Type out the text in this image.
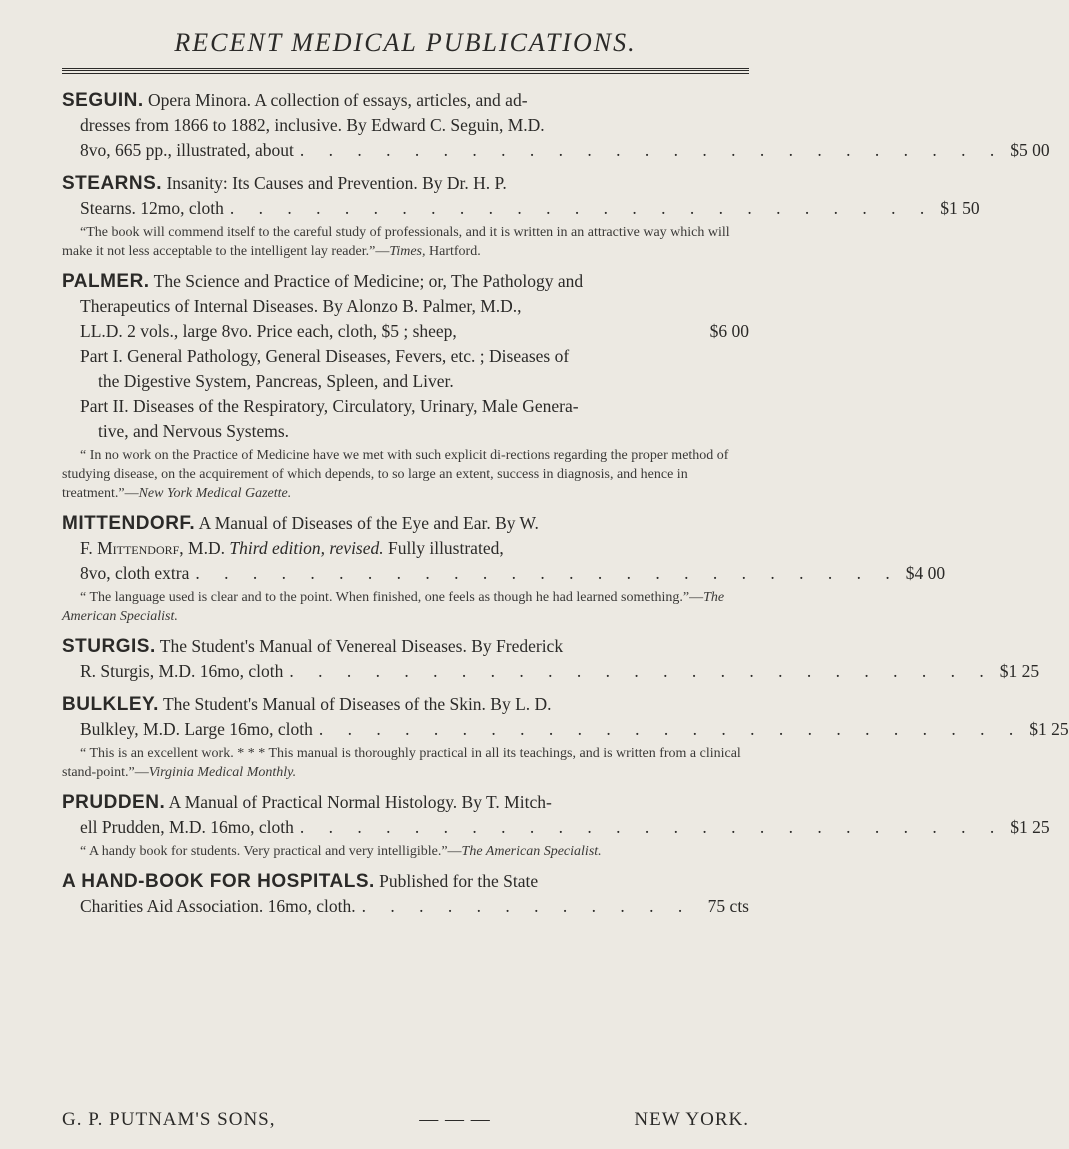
RECENT MEDICAL PUBLICATIONS.
SEGUIN. Opera Minora. A collection of essays, articles, and ad-
dresses from 1866 to 1882, inclusive. By Edward C. Seguin, M.D.
8vo, 665 pp., illustrated, about . . . . . . . . . . . . . . . . . . . . . . . . . $5 00
STEARNS. Insanity: Its Causes and Prevention. By Dr. H. P.
Stearns. 12mo, cloth . . . . . . . . . . . . . . . . . . . . . . . . . $1 50
“The book will commend itself to the careful study of professionals, and it is written in an attractive way which will make it not less acceptable to the intelligent lay reader.”—Times, Hartford.
PALMER. The Science and Practice of Medicine; or, The Pathology and
Therapeutics of Internal Diseases. By Alonzo B. Palmer, M.D.,
LL.D. 2 vols., large 8vo. Price each, cloth, $5 ; sheep,	$6 00
Part I. General Pathology, General Diseases, Fevers, etc. ; Diseases of
the Digestive System, Pancreas, Spleen, and Liver.
Part II. Diseases of the Respiratory, Circulatory, Urinary, Male Genera-
tive, and Nervous Systems.
“ In no work on the Practice of Medicine have we met with such explicit di-rections regarding the proper method of studying disease, on the acquirement of which depends, to so large an extent, success in diagnosis, and hence in treatment.”—New York Medical Gazette.
MITTENDORF. A Manual of Diseases of the Eye and Ear. By W.
F. Mittendorf, M.D. Third edition, revised. Fully illustrated,
8vo, cloth extra . . . . . . . . . . . . . . . . . . . . . . . . . $4 00
“ The language used is clear and to the point. When finished, one feels as though he had learned something.”—The American Specialist.
STURGIS. The Student's Manual of Venereal Diseases. By Frederick
R. Sturgis, M.D. 16mo, cloth . . . . . . . . . . . . . . . . . . . . . . . . . $1 25
BULKLEY. The Student's Manual of Diseases of the Skin. By L. D.
Bulkley, M.D. Large 16mo, cloth . . . . . . . . . . . . . . . . . . . . . . . . . $1 25
“ This is an excellent work. * * * This manual is thoroughly practical in all its teachings, and is written from a clinical stand-point.”—Virginia Medical Monthly.
PRUDDEN. A Manual of Practical Normal Histology. By T. Mitch-
ell Prudden, M.D. 16mo, cloth . . . . . . . . . . . . . . . . . . . . . . . . . $1 25
“ A handy book for students. Very practical and very intelligible.”—The American Specialist.
A HAND-BOOK FOR HOSPITALS. Published for the State
Charities Aid Association. 16mo, cloth. . . . . . . . . . . . . 75 cts
G. P. PUTNAM'S SONS,	— — —	NEW YORK.
